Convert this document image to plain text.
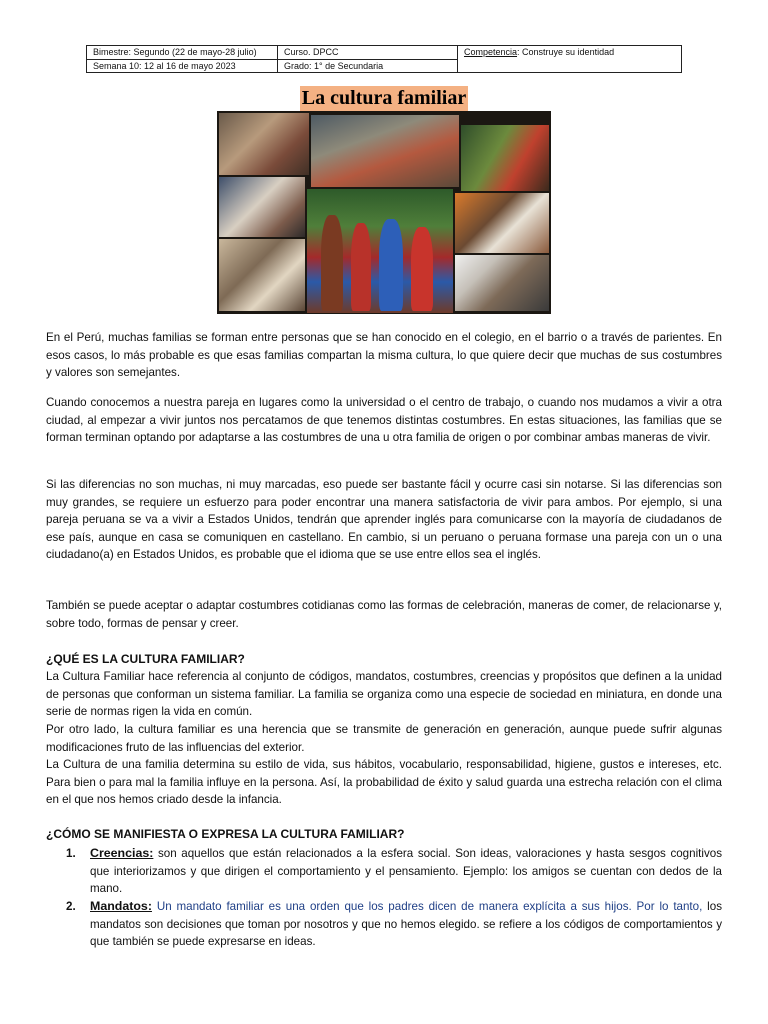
Bimestre: Segundo (22 de mayo-28 julio)
Semana 10: 12 al 16 de mayo 2023
Curso. DPCC
Grado: 1° de Secundaria
Competencia: Construye su identidad
La cultura familiar

En el Perú, muchas familias se forman entre personas que se han conocido en el colegio, en el barrio o a través de parientes. En esos casos, lo más probable es que esas familias compartan la misma cultura, lo que quiere decir que muchas de sus costumbres y valores son semejantes.

Cuando conocemos a nuestra pareja en lugares como la universidad o el centro de trabajo, o cuando nos mudamos a vivir a otra ciudad, al empezar a vivir juntos nos percatamos de que tenemos distintas costumbres. En estas situaciones, las familias que se forman terminan optando por adaptarse a las costumbres de una u otra familia de origen o por combinar ambas maneras de vivir.

Si las diferencias no son muchas, ni muy marcadas, eso puede ser bastante fácil y ocurre casi sin notarse. Si las diferencias son muy grandes, se requiere un esfuerzo para poder encontrar una manera satisfactoria de vivir para ambos. Por ejemplo, si una pareja peruana se va a vivir a Estados Unidos, tendrán que aprender inglés para comunicarse con la mayoría de ciudadanos de ese país, aunque en casa se comuniquen en castellano. En cambio, si un peruano o peruana formase una pareja con un o una ciudadano(a) en Estados Unidos, es probable que el idioma que se use entre ellos sea el inglés.

También se puede aceptar o adaptar costumbres cotidianas como las formas de celebración, maneras de comer, de relacionarse y, sobre todo, formas de pensar y creer.

¿QUÉ ES LA CULTURA FAMILIAR?

La Cultura Familiar hace referencia al conjunto de códigos, mandatos, costumbres, creencias y propósitos que definen a la unidad de personas que conforman un sistema familiar. La familia se organiza como una especie de sociedad en miniatura, en donde una serie de normas rigen la vida en común.

Por otro lado, la cultura familiar es una herencia que se transmite de generación en generación, aunque puede sufrir algunas modificaciones fruto de las influencias del exterior.

La Cultura de una familia determina su estilo de vida, sus hábitos, vocabulario, responsabilidad, higiene, gustos e intereses, etc. Para bien o para mal la familia influye en la persona. Así, la probabilidad de éxito y salud guarda una estrecha relación con el clima en el que nos hemos criado desde la infancia.

¿CÓMO SE MANIFIESTA O EXPRESA LA CULTURA FAMILIAR?
1. Creencias: son aquellos que están relacionados a la esfera social. Son ideas, valoraciones y hasta sesgos cognitivos que interiorizamos y que dirigen el comportamiento y el pensamiento. Ejemplo: los amigos se cuentan con dedos de la mano.
2. Mandatos: Un mandato familiar es una orden que los padres dicen de manera explícita a sus hijos. Por lo tanto, los mandatos son decisiones que toman por nosotros y que no hemos elegido. se refiere a los códigos de comportamientos y que también se puede expresarse en ideas.
